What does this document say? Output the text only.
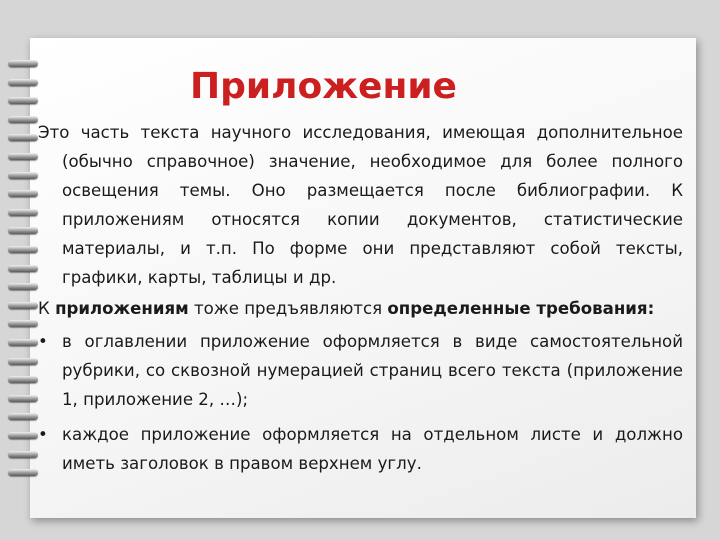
Приложение

Это часть текста научного исследования, имеющая дополнительное (обычно справочное) значение, необходимое для более полного освещения темы. Оно размещается после библиографии. К приложениям относятся копии документов, статистические материалы, и т.п. По форме они представляют собой тексты, графики, карты, таблицы и др.

К приложениям тоже предъявляются определенные требования:

• в оглавлении приложение оформляется в виде самостоятельной рубрики, со сквозной нумерацией страниц всего текста (приложение 1, приложение 2, …);
• каждое приложение оформляется на отдельном листе и должно иметь заголовок в правом верхнем углу.
